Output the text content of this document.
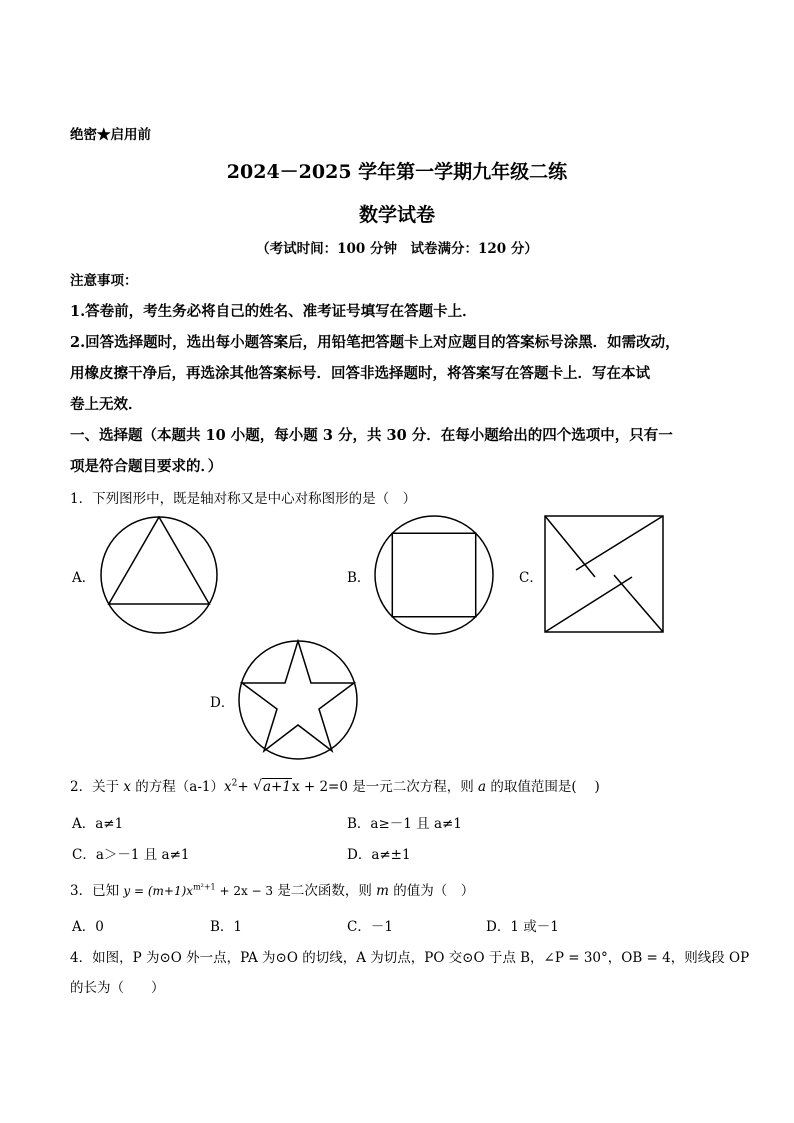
绝密★启用前
2024－2025 学年第一学期九年级二练
数学试卷
（考试时间：100 分钟　试卷满分：120 分）
注意事项：
1.答卷前，考生务必将自己的姓名、准考证号填写在答题卡上．
2.回答选择题时，选出每小题答案后，用铅笔把答题卡上对应题目的答案标号涂黑．如需改动，
用橡皮擦干净后，再选涂其他答案标号．回答非选择题时，将答案写在答题卡上．写在本试
卷上无效．
一、选择题（本题共 10 小题，每小题 3 分，共 30 分．在每小题给出的四个选项中，只有一
项是符合题目要求的．）
1．下列图形中，既是轴对称又是中心对称图形的是（　）
A．	B．	C．
D．
2．关于 x 的方程$(a-1)x^2+$ √ a+1x + 2=0 是一元二次方程，则 a 的取值范围是(　 )
A．a≠1	B．a≥－1 且 a≠1
C．a＞－1 且 a≠1	D．a≠±1
3．已知 $y = (m+1)x^{m^2+1} + 2x - 3$ 是二次函数，则 m 的值为（　）
A．0	B．1	C．－1	D．1 或－1
4．如图，P 为⊙O 外一点，PA 为⊙O 的切线，A 为切点，PO 交⊙O 于点 B，∠P = 30°，OB = 4，则线段 OP
的长为（　　）
